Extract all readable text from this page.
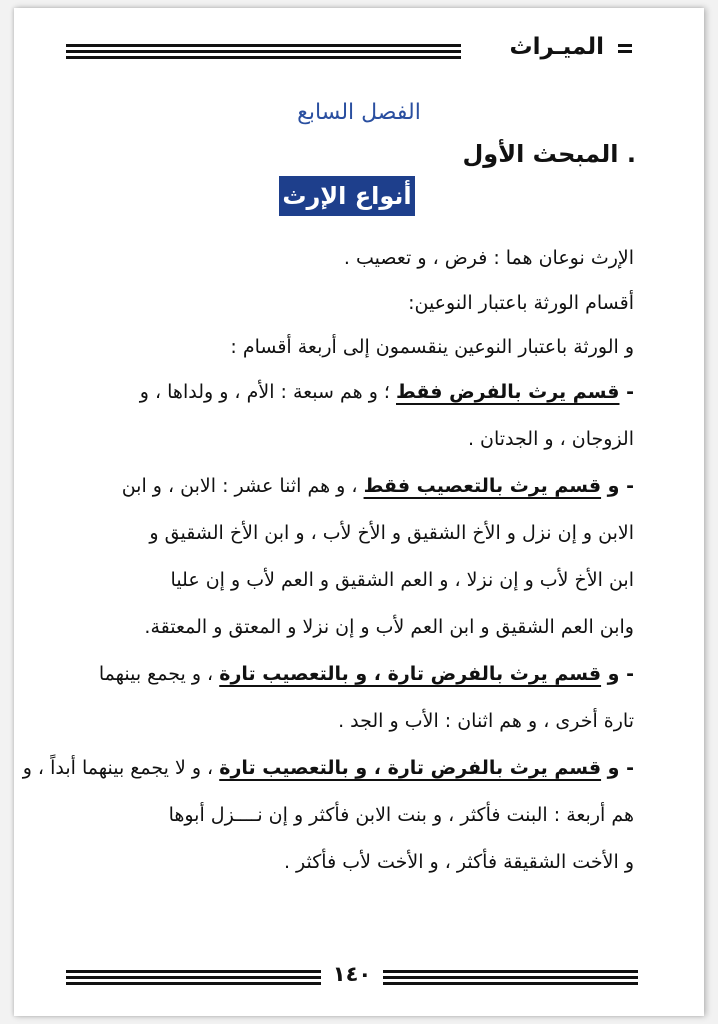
الميـراث
الفصل السابع
المبحث الأول .
أنواع الإرث
الإرث نوعان هما : فرض ، و تعصيب .
أقسام الورثة باعتبار النوعين:
و الورثة باعتبار النوعين ينقسمون إلى أربعة أقسام :
- قسم يرث بالفرض فقط ؛ و هم سبعة : الأم ، و ولداها ، و
الزوجان ، و الجدتان .
- و قسم يرث بالتعصيب فقط ، و هم اثنا عشر : الابن ، و ابن
الابن و إن نزل و الأخ الشقيق و الأخ لأب ، و ابن الأخ الشقيق و
ابن الأخ لأب و إن نزلا ، و العم الشقيق و العم لأب و إن عليا
وابن العم الشقيق و ابن العم لأب و إن نزلا و المعتق و المعتقة.
- و قسم يرث بالفرض تارة ، و بالتعصيب تارة ، و يجمع بينهما
تارة أخرى ، و هم اثنان : الأب و الجد .
- و قسم يرث بالفرض تارة ، و بالتعصيب تارة ، و لا يجمع بينهما أبداً ، و
هم أربعة : البنت فأكثر ، و بنت الابن فأكثر و إن نــــزل أبوها
و الأخت الشقيقة فأكثر ، و الأخت لأب فأكثر .
١٤٠
